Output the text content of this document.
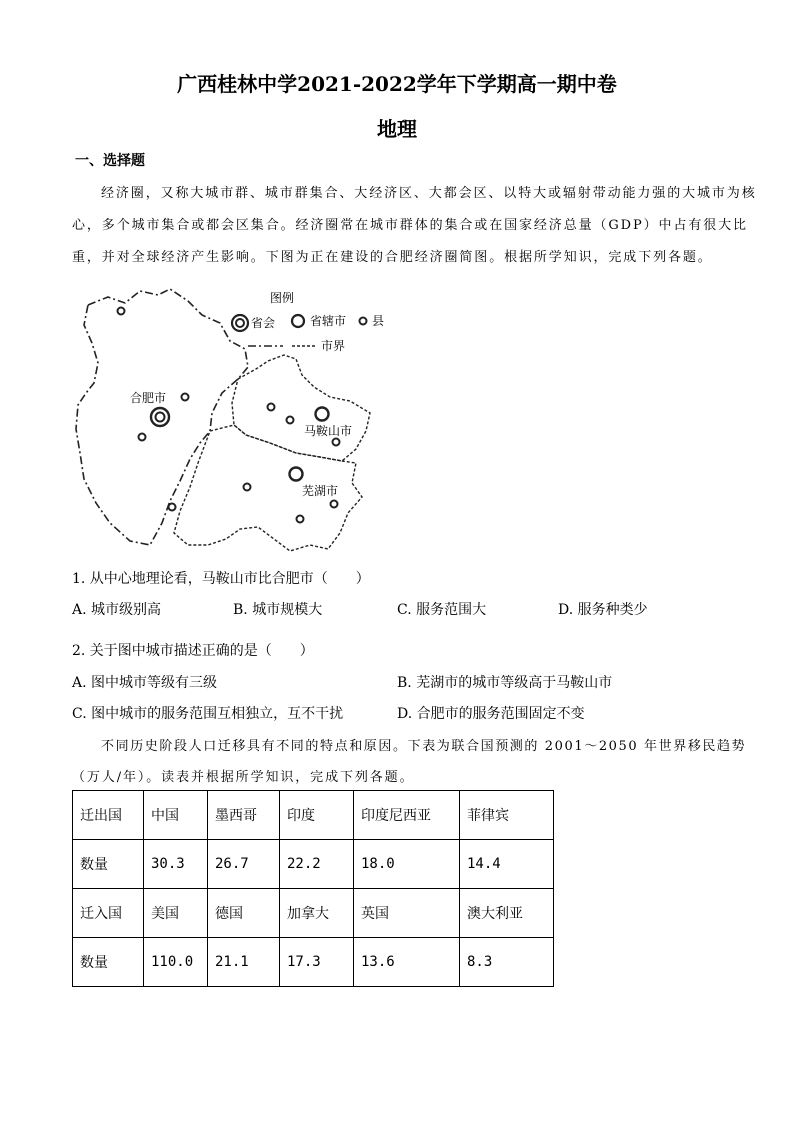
广西桂林中学2021-2022学年下学期高一期中卷
地理
一、选择题
经济圈，又称大城市群、城市群集合、大经济区、大都会区、以特大或辐射带动能力强的大城市为核
心，多个城市集合或都会区集合。经济圈常在城市群体的集合或在国家经济总量（GDP）中占有很大比
重，并对全球经济产生影响。下图为正在建设的合肥经济圈简图。根据所学知识，完成下列各题。
图例
省会	省辖市 县
市界
合肥市
马鞍山市
芜湖市
1. 从中心地理论看，马鞍山市比合肥市（　　）
A. 城市级别高	B. 城市规模大	C. 服务范围大	D. 服务种类少
2. 关于图中城市描述正确的是（　　）
A. 图中城市等级有三级	B. 芜湖市的城市等级高于马鞍山市
C. 图中城市的服务范围互相独立，互不干扰	D. 合肥市的服务范围固定不变
不同历史阶段人口迁移具有不同的特点和原因。下表为联合国预测的 2001～2050 年世界移民趋势
（万人/年）。读表并根据所学知识，完成下列各题。
迁出国	中国	墨西哥	印度	印度尼西亚	菲律宾
数量	30.3	26.7	22.2	18.0	14.4
迁入国	美国	德国	加拿大	英国	澳大利亚
数量	110.0	21.1	17.3	13.6	8.3
